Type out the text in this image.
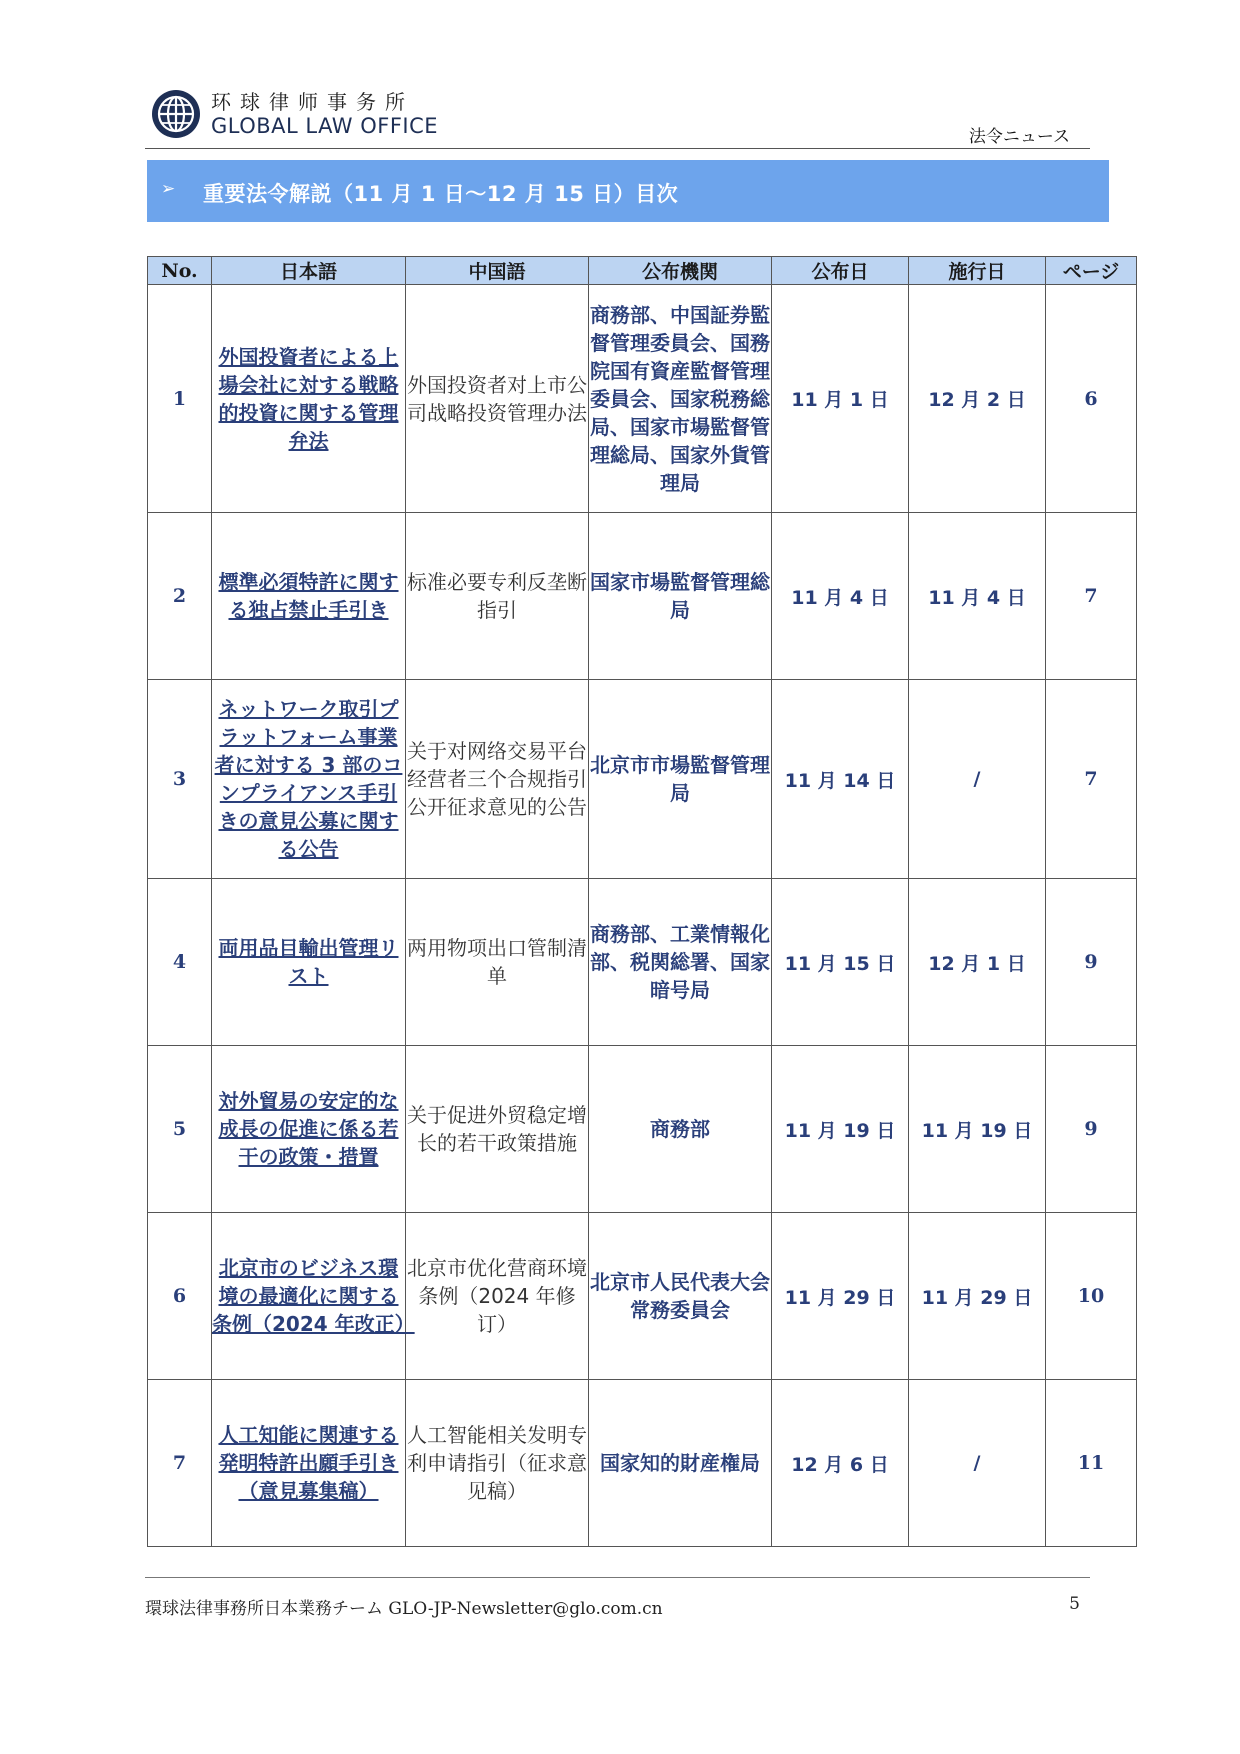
环球律师事务所
GLOBAL LAW OFFICE	法令ニュース
➢ 重要法令解説（11 月 1 日～12 月 15 日）目次
No.	日本語	中国語	公布機関	公布日	施行日	ページ
1	外国投資者による上場会社に対する戦略的投資に関する管理弁法	外国投资者对上市公司战略投资管理办法	商務部、中国証券監督管理委員会、国務院国有資産監督管理委員会、国家税務総局、国家市場監督管理総局、国家外貨管理局	11 月 1 日	12 月 2 日	6
2	標準必須特許に関する独占禁止手引き	标准必要专利反垄断指引	国家市場監督管理総局	11 月 4 日	11 月 4 日	7
3	ネットワーク取引プラットフォーム事業者に対する 3 部のコンプライアンス手引きの意見公募に関する公告	关于对网络交易平台经营者三个合规指引公开征求意见的公告	北京市市場監督管理局	11 月 14 日	/	7
4	両用品目輸出管理リスト	两用物项出口管制清单	商務部、工業情報化部、税関総署、国家暗号局	11 月 15 日	12 月 1 日	9
5	対外貿易の安定的な成長の促進に係る若干の政策・措置	关于促进外贸稳定增长的若干政策措施	商務部	11 月 19 日	11 月 19 日	9
6	北京市のビジネス環境の最適化に関する条例（2024 年改正）	北京市优化营商环境条例（2024 年修订）	北京市人民代表大会常務委員会	11 月 29 日	11 月 29 日	10
7	人工知能に関連する発明特許出願手引き（意見募集稿）	人工智能相关发明专利申请指引（征求意见稿）	国家知的財産権局	12 月 6 日	/	11
環球法律事務所日本業務チーム GLO-JP-Newsletter@glo.com.cn	5
